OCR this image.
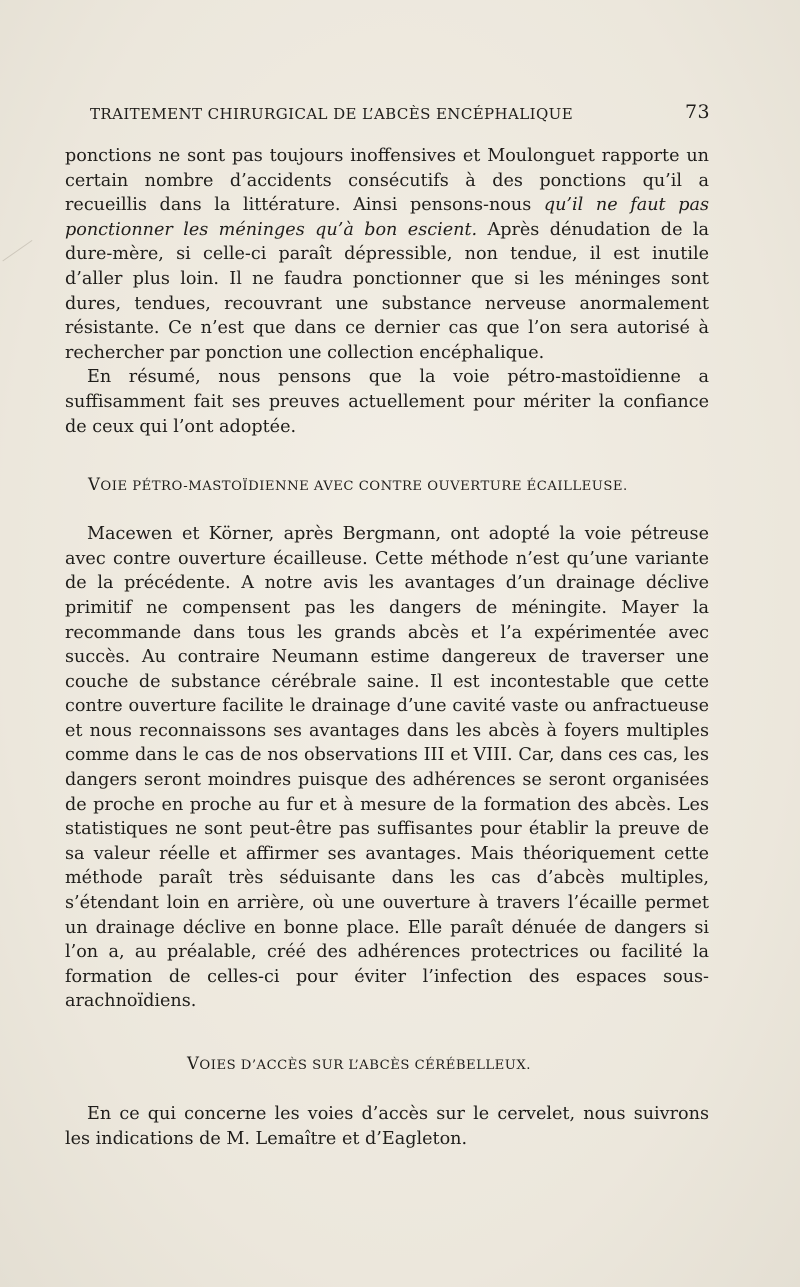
TRAITEMENT CHIRURGICAL DE L’ABCÈS ENCÉPHALIQUE	73

ponctions ne sont pas toujours inoffensives et Moulonguet rapporte un certain nombre d’accidents consécutifs à des ponctions qu’il a recueillis dans la littérature. Ainsi pensons-nous qu’il ne faut pas ponctionner les méninges qu’à bon escient. Après dénudation de la dure-mère, si celle-ci paraît dépressible, non tendue, il est inutile d’aller plus loin. Il ne faudra ponctionner que si les méninges sont dures, tendues, recouvrant une substance nerveuse anormalement résistante. Ce n’est que dans ce dernier cas que l’on sera autorisé à rechercher par ponction une collection encéphalique.

En résumé, nous pensons que la voie pétro-mastoïdienne a suffisamment fait ses preuves actuellement pour mériter la confiance de ceux qui l’ont adoptée.

VOIE PÉTRO-MASTOÏDIENNE AVEC CONTRE OUVERTURE ÉCAILLEUSE.

Macewen et Körner, après Bergmann, ont adopté la voie pétreuse avec contre ouverture écailleuse. Cette méthode n’est qu’une variante de la précédente. A notre avis les avantages d’un drainage déclive primitif ne compensent pas les dangers de méningite. Mayer la recommande dans tous les grands abcès et l’a expérimentée avec succès. Au contraire Neumann estime dangereux de traverser une couche de substance cérébrale saine. Il est incontestable que cette contre ouverture facilite le drainage d’une cavité vaste ou anfractueuse et nous reconnaissons ses avantages dans les abcès à foyers multiples comme dans le cas de nos observations III et VIII. Car, dans ces cas, les dangers seront moindres puisque des adhérences se seront organisées de proche en proche au fur et à mesure de la formation des abcès. Les statistiques ne sont peut-être pas suffisantes pour établir la preuve de sa valeur réelle et affirmer ses avantages. Mais théoriquement cette méthode paraît très séduisante dans les cas d’abcès multiples, s’étendant loin en arrière, où une ouverture à travers l’écaille permet un drainage déclive en bonne place. Elle paraît dénuée de dangers si l’on a, au préalable, créé des adhérences protectrices ou facilité la formation de celles-ci pour éviter l’infection des espaces sous-arachnoïdiens.

VOIES D’ACCÈS SUR L’ABCÈS CÉRÉBELLEUX.

En ce qui concerne les voies d’accès sur le cervelet, nous suivrons les indications de M. Lemaître et d’Eagleton.
